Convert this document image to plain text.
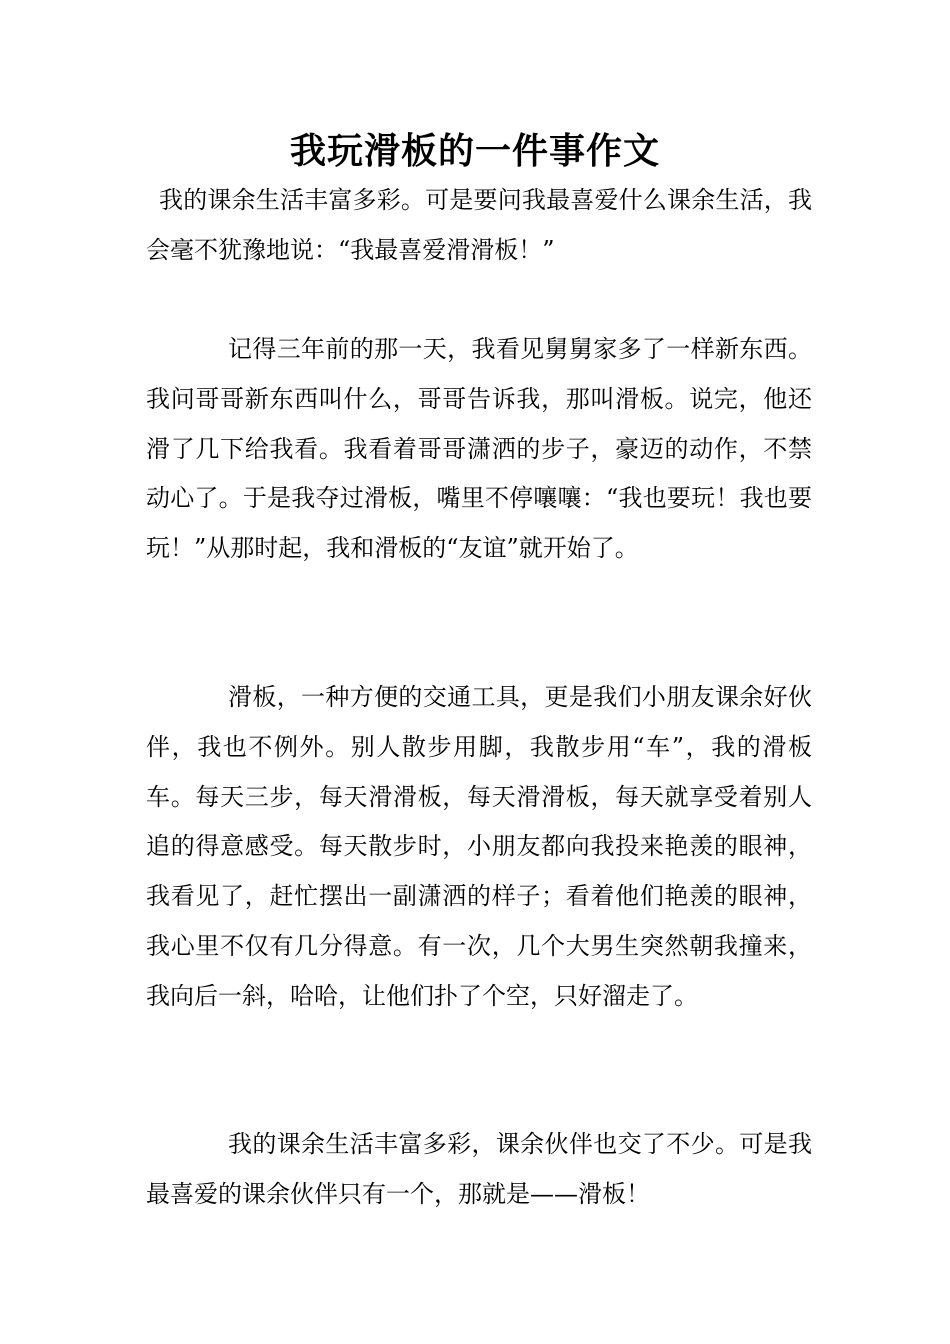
我玩滑板的一件事作文

我的课余生活丰富多彩。可是要问我最喜爱什么课余生活，我会毫不犹豫地说：“我最喜爱滑滑板！”

记得三年前的那一天，我看见舅舅家多了一样新东西。我问哥哥新东西叫什么，哥哥告诉我，那叫滑板。说完，他还滑了几下给我看。我看着哥哥潇洒的步子，豪迈的动作，不禁动心了。于是我夺过滑板，嘴里不停嚷嚷：“我也要玩！我也要玩！”从那时起，我和滑板的“友谊”就开始了。

滑板，一种方便的交通工具，更是我们小朋友课余好伙伴，我也不例外。别人散步用脚，我散步用“车”，我的滑板车。每天三步，每天滑滑板，每天滑滑板，每天就享受着别人追的得意感受。每天散步时，小朋友都向我投来艳羡的眼神，我看见了，赶忙摆出一副潇洒的样子；看着他们艳羡的眼神，我心里不仅有几分得意。有一次，几个大男生突然朝我撞来，我向后一斜，哈哈，让他们扑了个空，只好溜走了。

我的课余生活丰富多彩，课余伙伴也交了不少。可是我最喜爱的课余伙伴只有一个，那就是——滑板！
